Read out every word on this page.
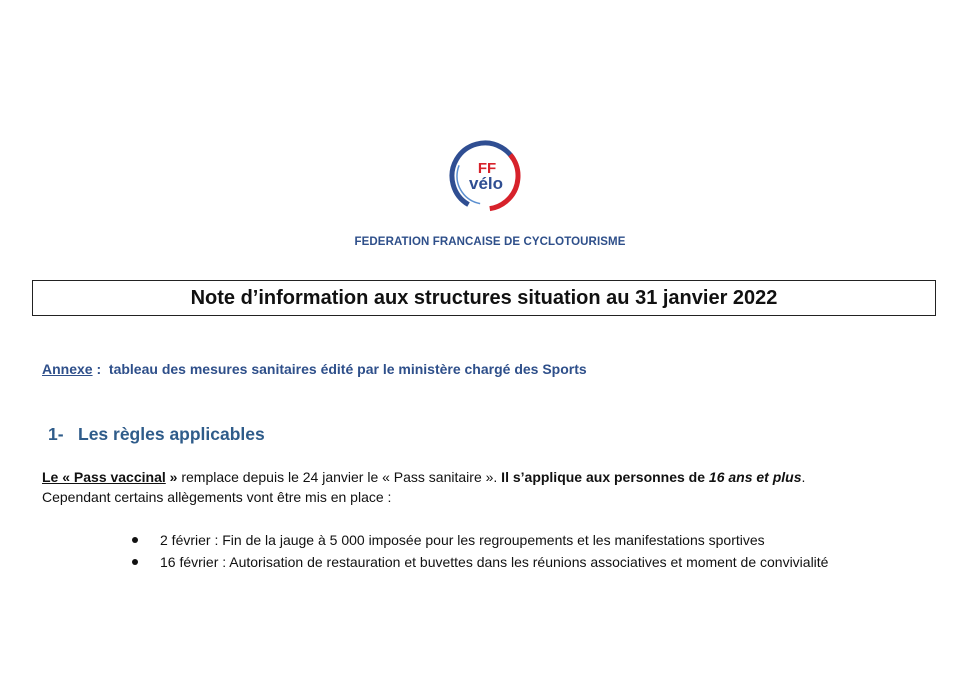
FF
vélo
FEDERATION FRANCAISE DE CYCLOTOURISME
Note d’information aux structures situation au 31 janvier 2022
Annexe :  tableau des mesures sanitaires édité par le ministère chargé des Sports
1- Les règles applicables
Le « Pass vaccinal » remplace depuis le 24 janvier le « Pass sanitaire ». Il s’applique aux personnes de 16 ans et plus.
Cependant certains allègements vont être mis en place :
2 février : Fin de la jauge à 5 000 imposée pour les regroupements et les manifestations sportives
16 février : Autorisation de restauration et buvettes dans les réunions associatives et moment de convivialité
